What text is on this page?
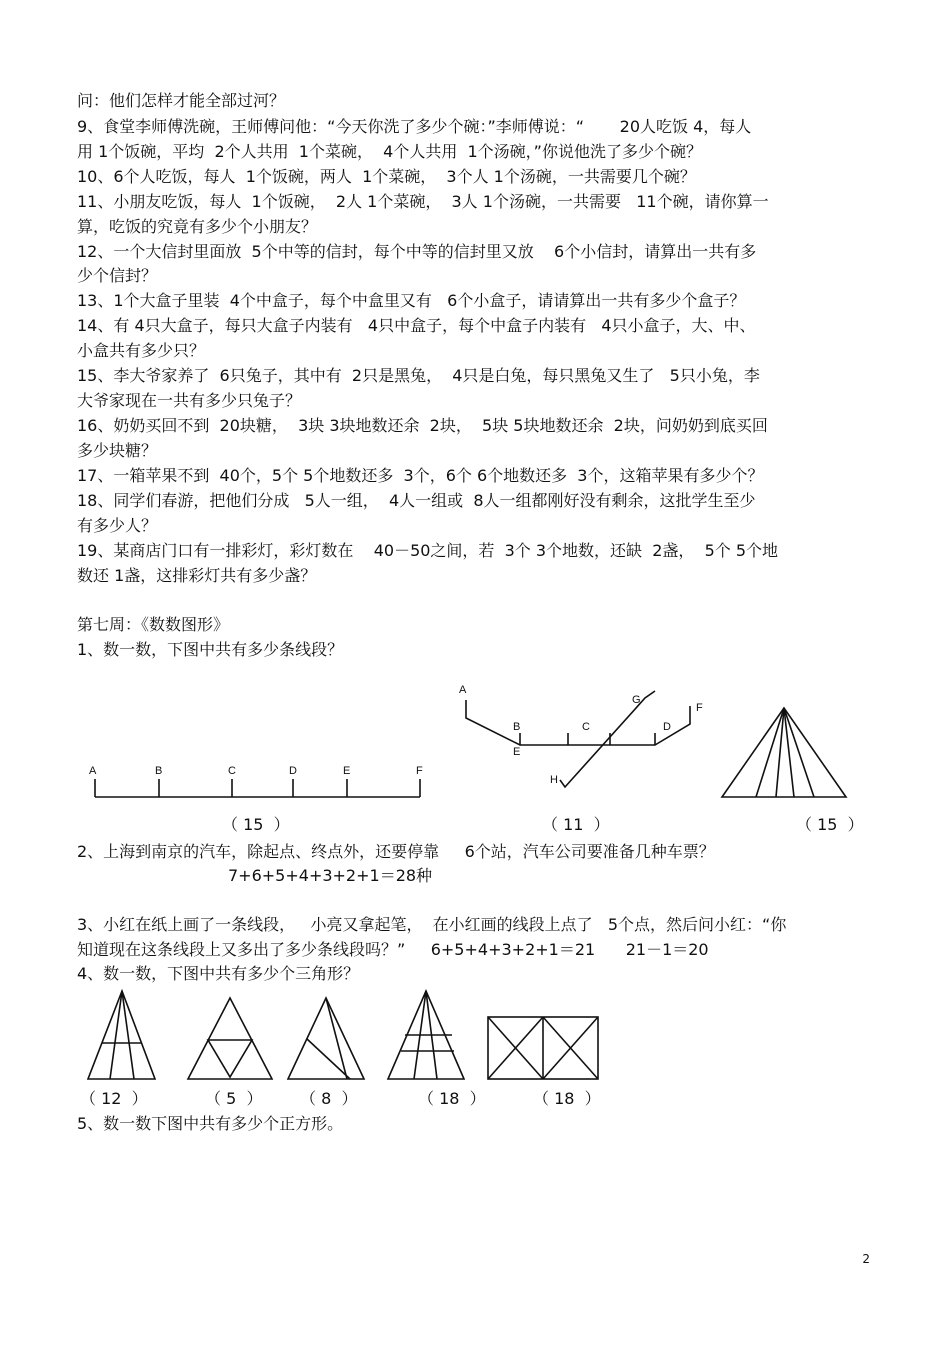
问：他们怎样才能全部过河？

9、食堂李师傅洗碗，王师傅问他：“今天你洗了多少个碗：”李师傅说：“       20人吃饭 4，每人

用 1个饭碗，平均  2个人共用  1个菜碗，  4个人共用  1个汤碗，”你说他洗了多少个碗？

10、6个人吃饭，每人  1个饭碗，两人  1个菜碗，  3个人 1个汤碗，一共需要几个碗？

11、小朋友吃饭，每人  1个饭碗，  2人 1个菜碗，  3人 1个汤碗，一共需要   11个碗，请你算一

算，吃饭的究竟有多少个小朋友？

12、一个大信封里面放  5个中等的信封，每个中等的信封里又放    6个小信封，请算出一共有多

少个信封？

13、1个大盒子里装  4个中盒子，每个中盒里又有   6个小盒子，请请算出一共有多少个盒子？

14、有 4只大盒子，每只大盒子内装有   4只中盒子，每个中盒子内装有   4只小盒子，大、中、

小盒共有多少只？

15、李大爷家养了  6只兔子，其中有  2只是黑兔，  4只是白兔，每只黑兔又生了   5只小兔，李

大爷家现在一共有多少只兔子？

16、奶奶买回不到  20块糖，  3块 3块地数还余  2块，  5块 5块地数还余  2块，问奶奶到底买回

多少块糖？

17、一箱苹果不到  40个，5个 5个地数还多  3个，6个 6个地数还多  3个，这箱苹果有多少个？

18、同学们春游，把他们分成   5人一组，  4人一组或  8人一组都刚好没有剩余，这批学生至少

有多少人？

19、某商店门口有一排彩灯，彩灯数在    40－50之间，若  3个 3个地数，还缺  2盏，  5个 5个地

数还 1盏，这排彩灯共有多少盏？

第七周：《数数图形》

1、数一数，下图中共有多少条线段？

2、上海到南京的汽车，除起点、终点外，还要停靠     6个站，汽车公司要准备几种车票？

7+6+5+4+3+2+1＝28种

3、小红在纸上画了一条线段，   小亮又拿起笔，  在小红画的线段上点了   5个点，然后问小红：“你

知道现在这条线段上又多出了多少条线段吗？”     6+5+4+3+2+1＝21      21－1＝20

4、数一数，下图中共有多少个三角形？

5、数一数下图中共有多少个正方形。

（ 15  ）	（ 11  ）	（ 15  ）
（ 12  ）	（ 5  ） （ 8  ）	（ 18  ）	（ 18  ）
2
A	B	C	D	E	F
A
B	C	D
E
F
G
H
